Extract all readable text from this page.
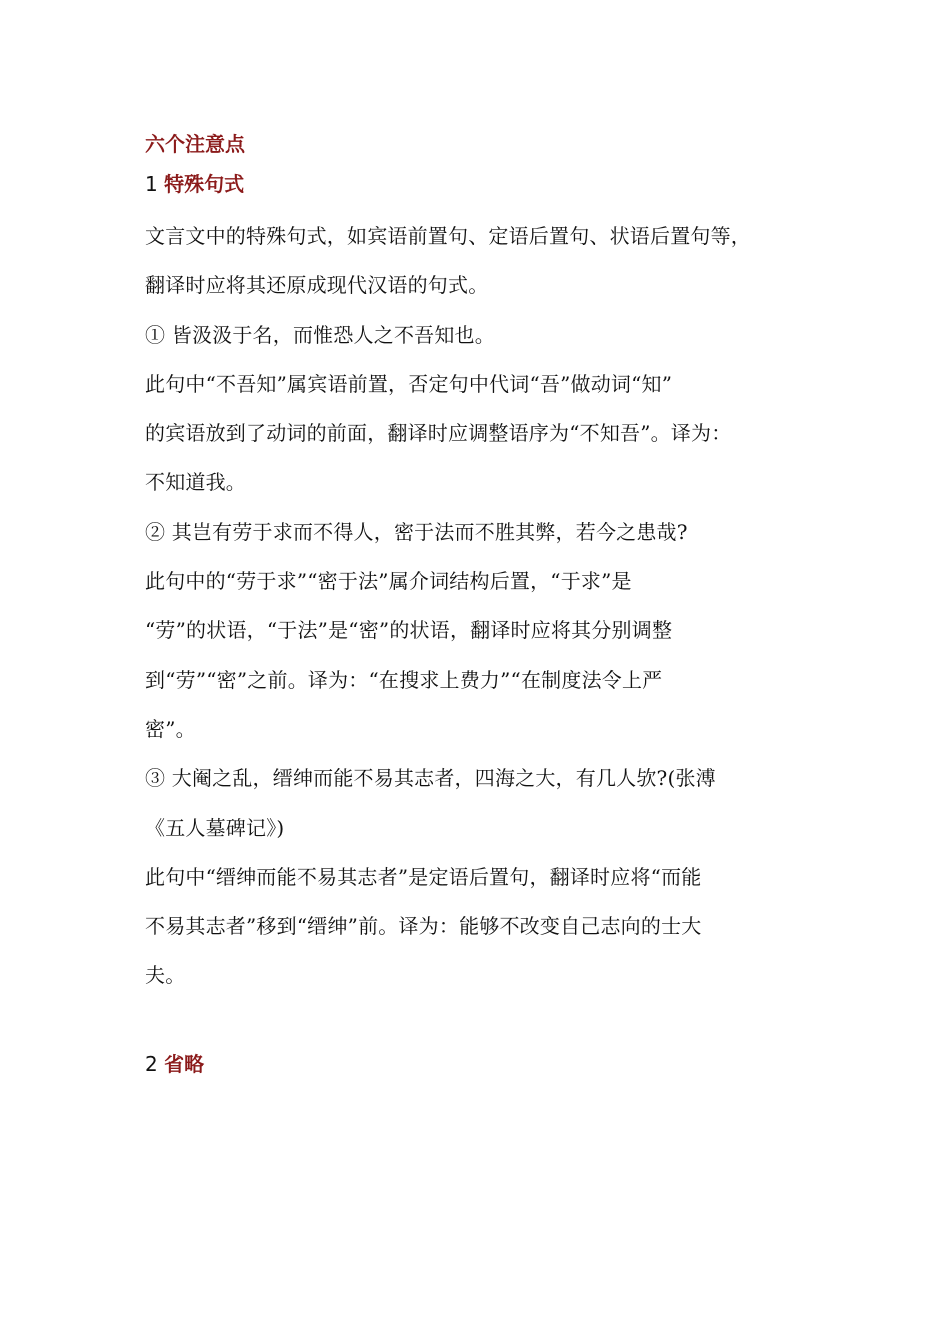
六个注意点
1 特殊句式
文言文中的特殊句式，如宾语前置句、定语后置句、状语后置句等，
翻译时应将其还原成现代汉语的句式。
① 皆汲汲于名，而惟恐人之不吾知也。
此句中“不吾知”属宾语前置，否定句中代词“吾”做动词“知”
的宾语放到了动词的前面，翻译时应调整语序为“不知吾”。译为：
不知道我。
② 其岂有劳于求而不得人，密于法而不胜其弊，若今之患哉?
此句中的“劳于求”“密于法”属介词结构后置，“于求”是
“劳”的状语，“于法”是“密”的状语，翻译时应将其分别调整
到“劳”“密”之前。译为：“在搜求上费力”“在制度法令上严
密”。
③ 大阉之乱，缙绅而能不易其志者，四海之大，有几人欤?(张溥
《五人墓碑记》)
此句中“缙绅而能不易其志者”是定语后置句，翻译时应将“而能
不易其志者”移到“缙绅”前。译为：能够不改变自己志向的士大
夫。
2 省略
